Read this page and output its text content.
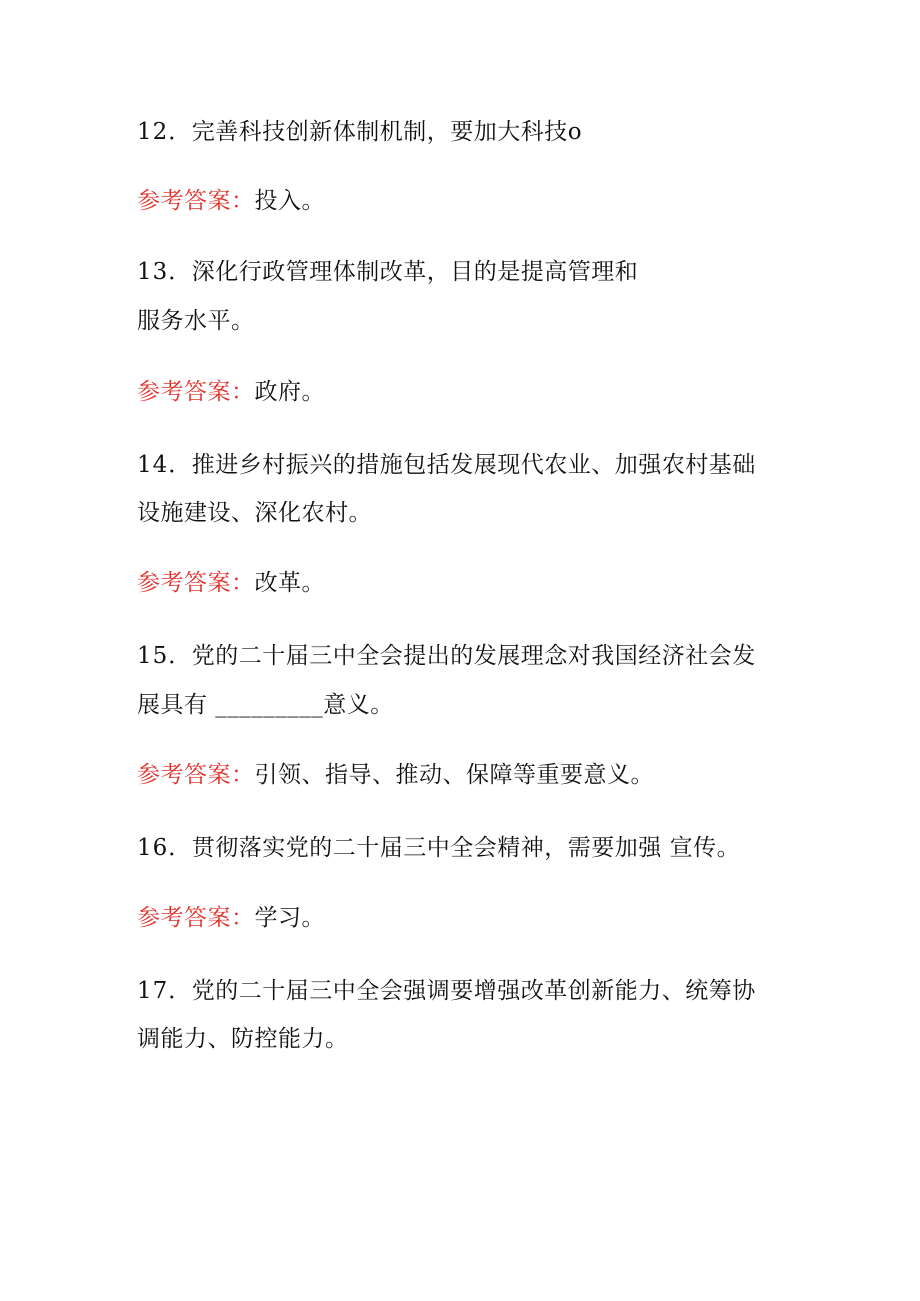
12．完善科技创新体制机制，要加大科技o
参考答案：投入。
13．深化行政管理体制改革，目的是提高管理和
服务水平。
参考答案：政府。
14．推进乡村振兴的措施包括发展现代农业、加强农村基础
设施建设、深化农村。
参考答案：改革。
15．党的二十届三中全会提出的发展理念对我国经济社会发
展具有 _________意义。
参考答案：引领、指导、推动、保障等重要意义。
16．贯彻落实党的二十届三中全会精神，需要加强 宣传。
参考答案：学习。
17．党的二十届三中全会强调要增强改革创新能力、统筹协
调能力、防控能力。
